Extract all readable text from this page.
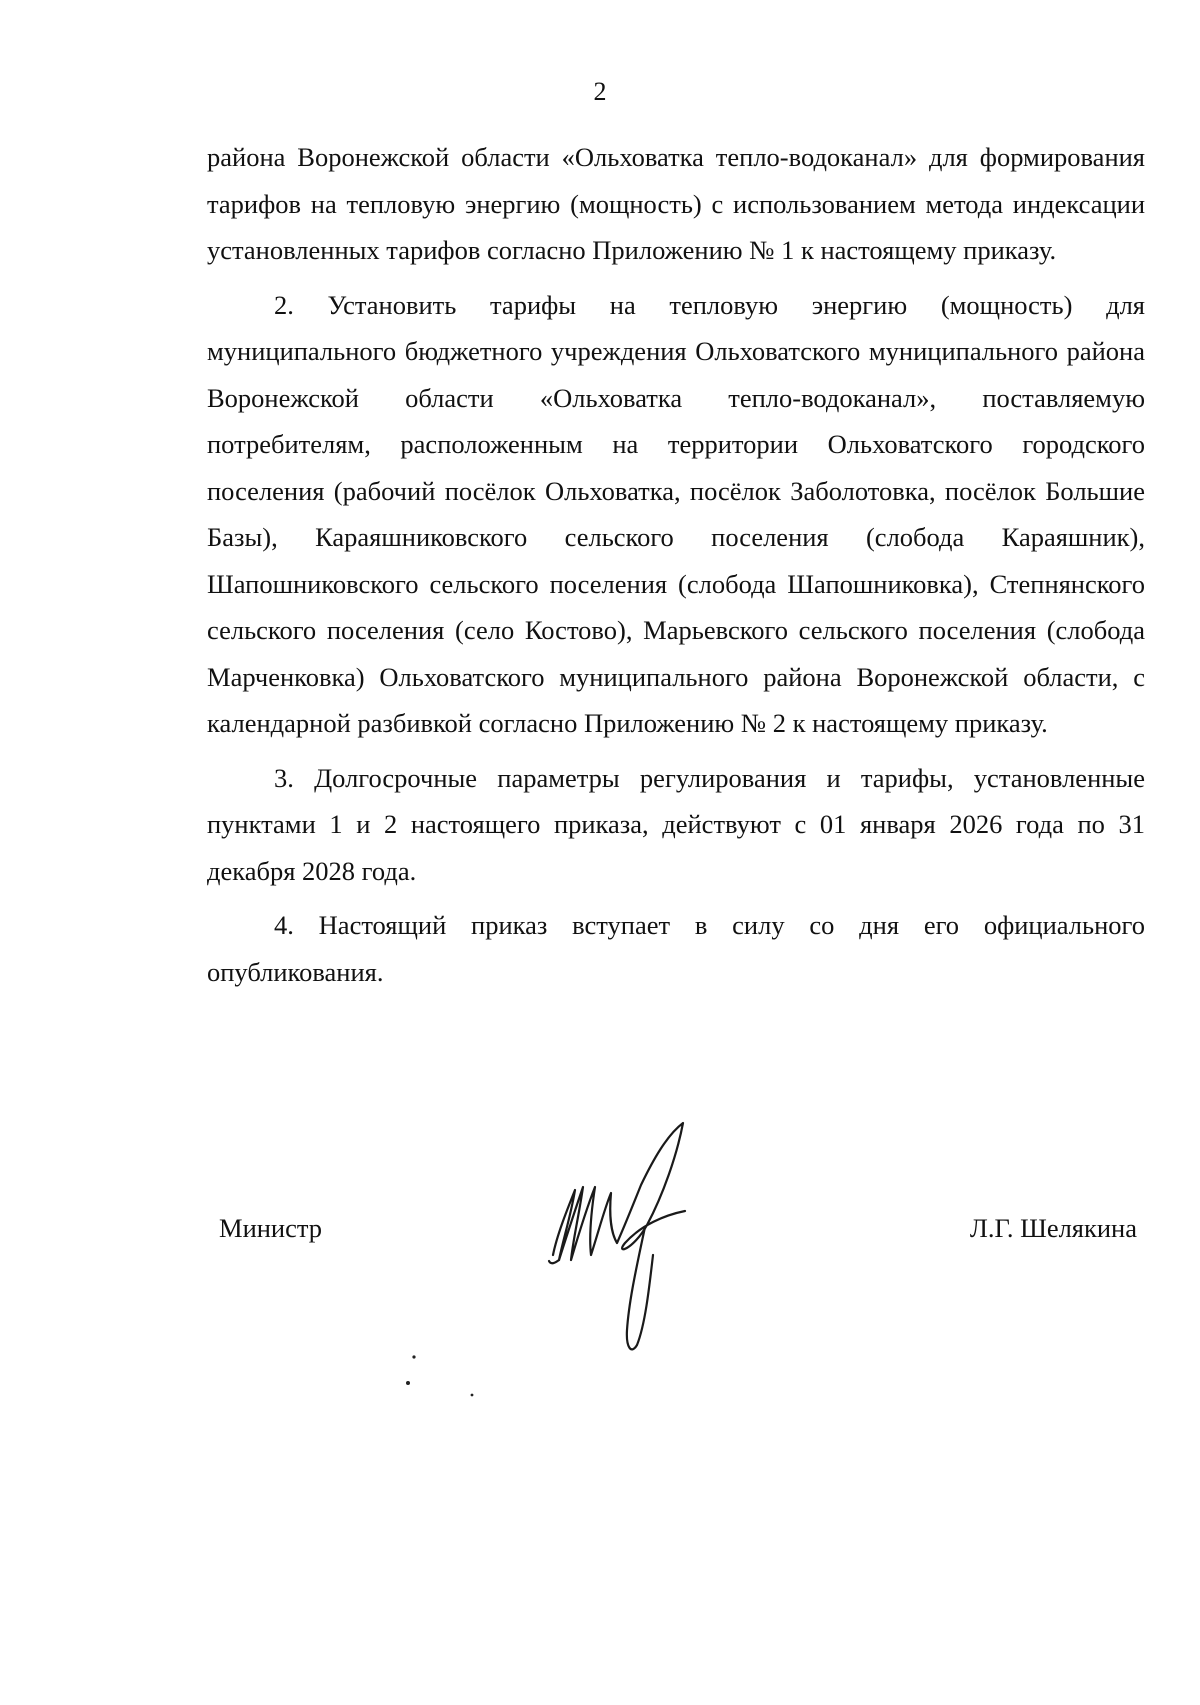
2

района Воронежской области «Ольховатка тепло-водоканал» для формирования тарифов на тепловую энергию (мощность) с использованием метода индексации установленных тарифов согласно Приложению № 1 к настоящему приказу.

2. Установить тарифы на тепловую энергию (мощность) для муниципального бюджетного учреждения Ольховатского муниципального района Воронежской области «Ольховатка тепло-водоканал», поставляемую потребителям, расположенным на территории Ольховатского городского поселения (рабочий посёлок Ольховатка, посёлок Заболотовка, посёлок Большие Базы), Караяшниковского сельского поселения (слобода Караяшник), Шапошниковского сельского поселения (слобода Шапошниковка), Степнянского сельского поселения (село Костово), Марьевского сельского поселения (слобода Марченковка) Ольховатского муниципального района Воронежской области, с календарной разбивкой согласно Приложению № 2 к настоящему приказу.

3. Долгосрочные параметры регулирования и тарифы, установленные пунктами 1 и 2 настоящего приказа, действуют с 01 января 2026 года по 31 декабря 2028 года.

4. Настоящий приказ вступает в силу со дня его официального опубликования.

Министр	Л.Г. Шелякина
